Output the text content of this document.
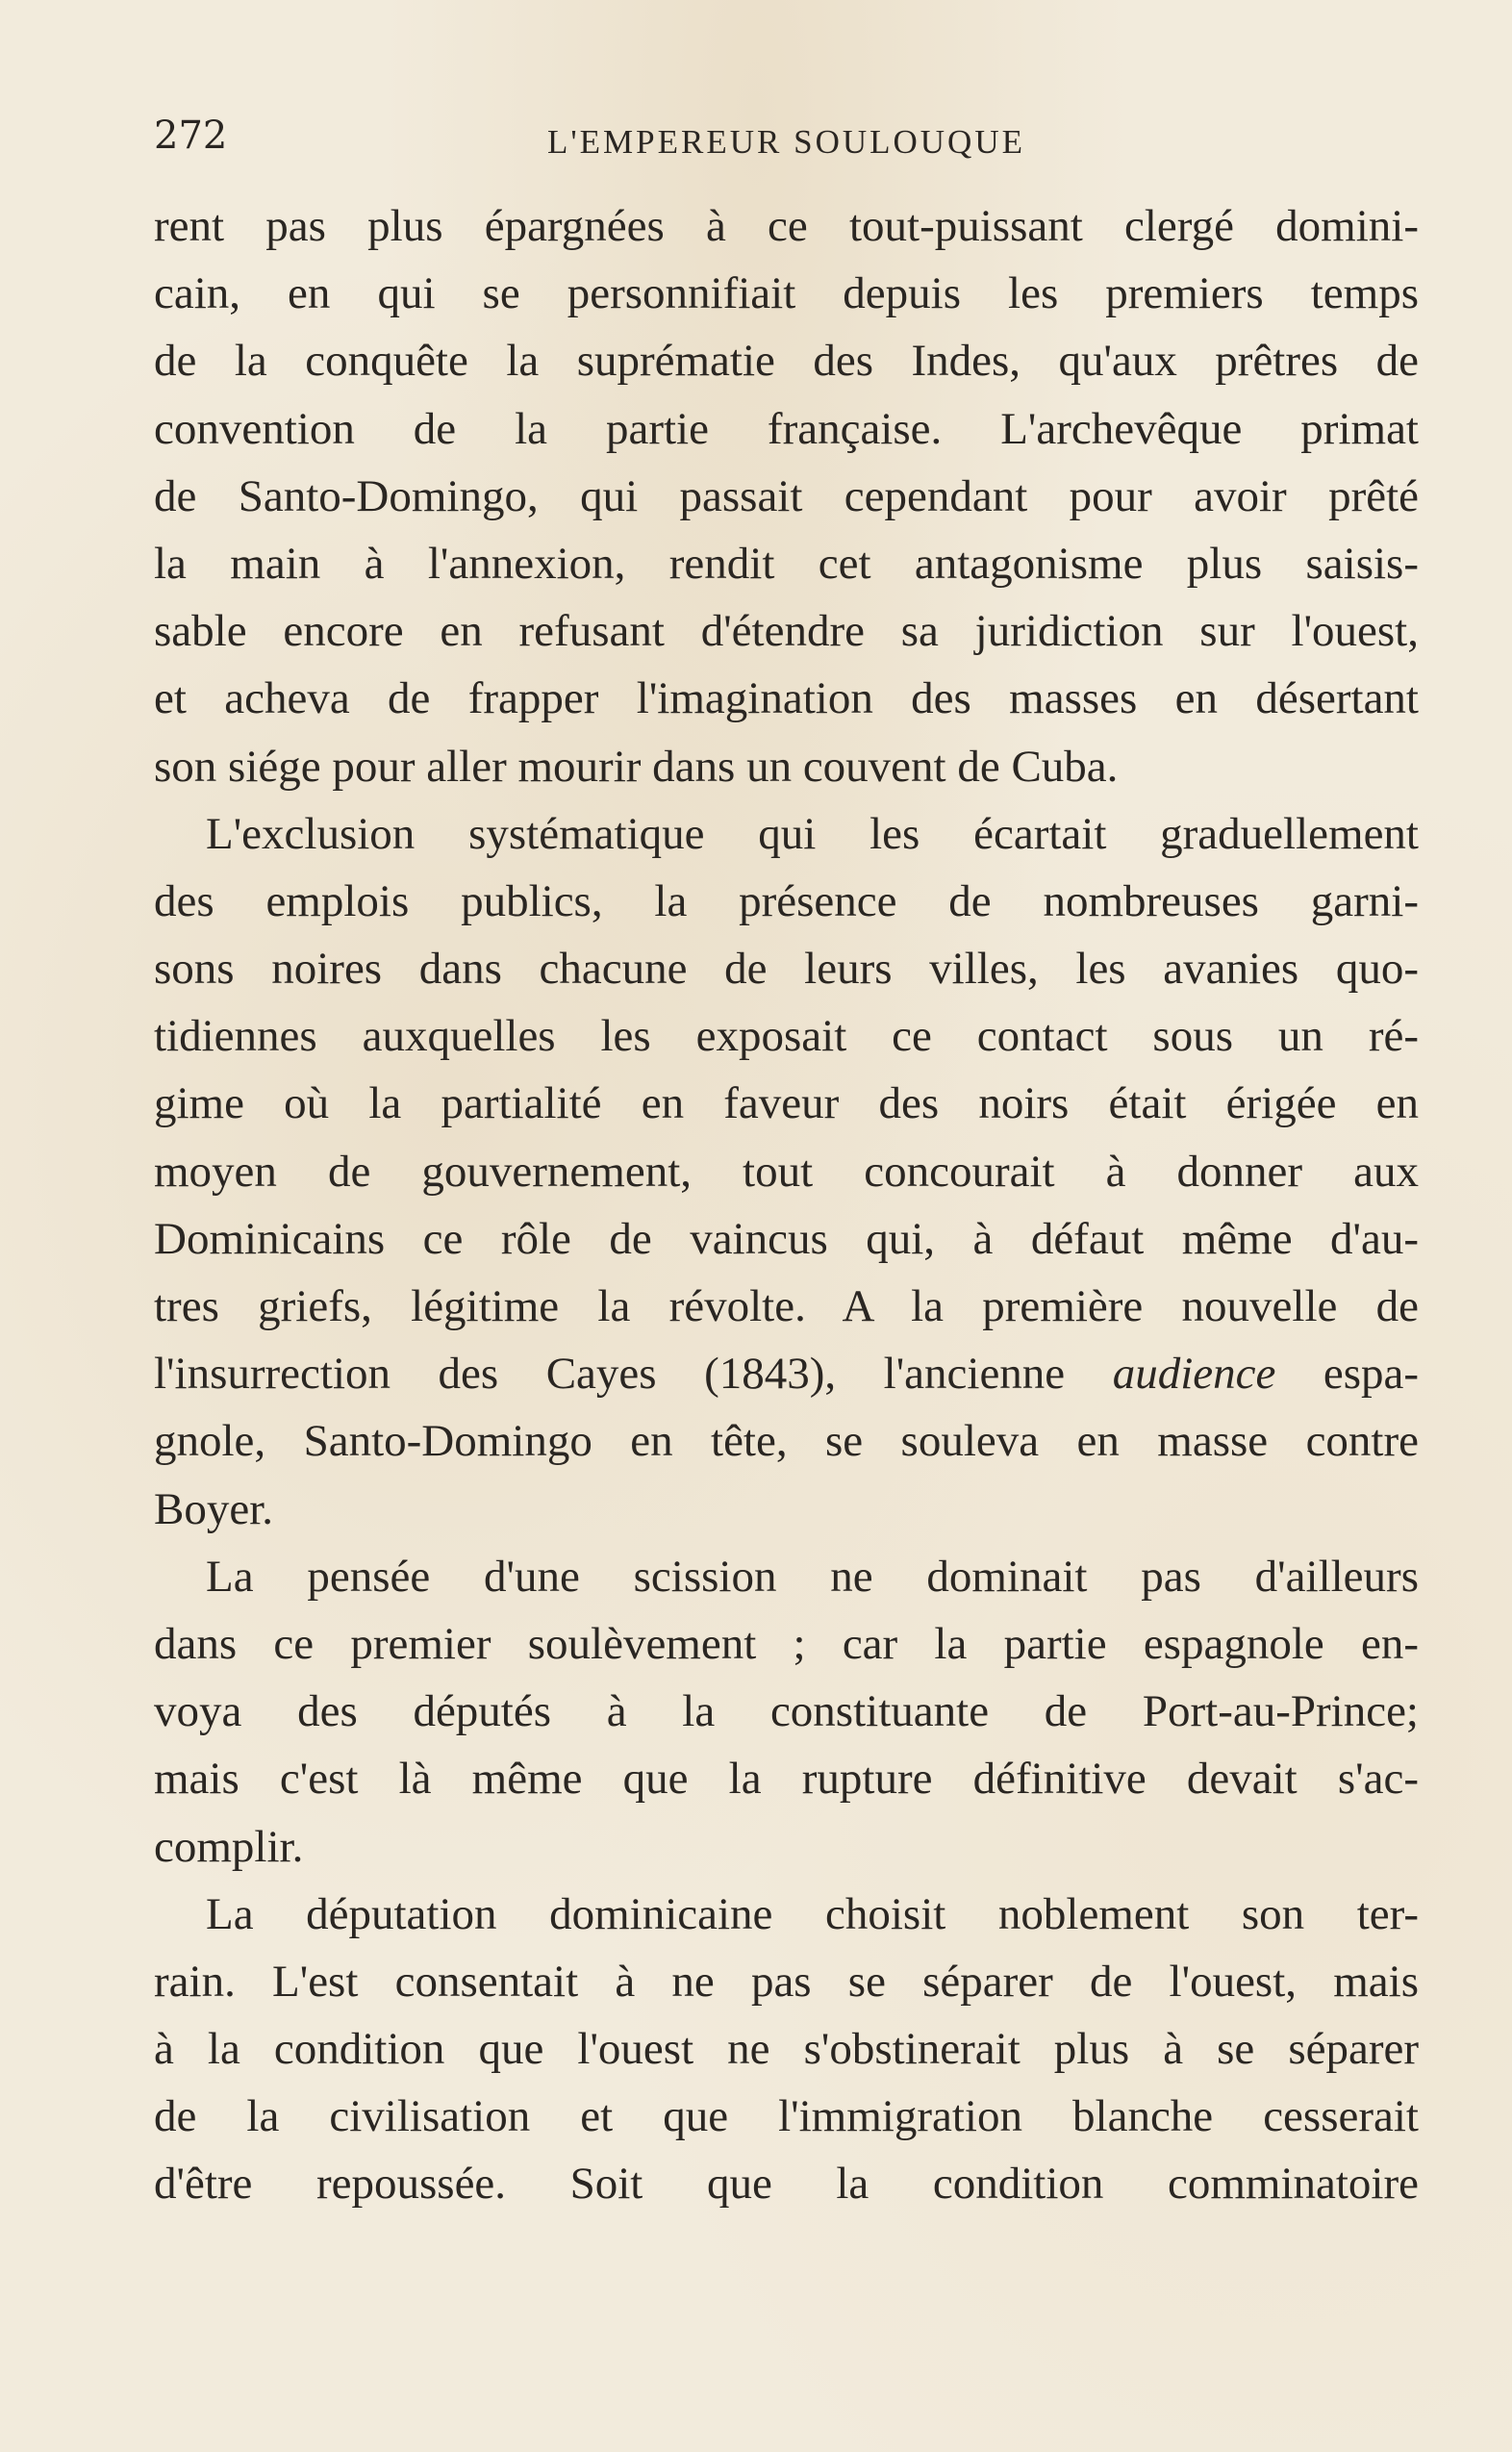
272	L'EMPEREUR SOULOUQUE
rent pas plus épargnées à ce tout-puissant clergé domini-
cain, en qui se personnifiait depuis les premiers temps
de la conquête la suprématie des Indes, qu'aux prêtres de
convention de la partie française. L'archevêque primat
de Santo-Domingo, qui passait cependant pour avoir prêté
la main à l'annexion, rendit cet antagonisme plus saisis-
sable encore en refusant d'étendre sa juridiction sur l'ouest,
et acheva de frapper l'imagination des masses en désertant
son siége pour aller mourir dans un couvent de Cuba.
L'exclusion systématique qui les écartait graduellement
des emplois publics, la présence de nombreuses garni-
sons noires dans chacune de leurs villes, les avanies quo-
tidiennes auxquelles les exposait ce contact sous un ré-
gime où la partialité en faveur des noirs était érigée en
moyen de gouvernement, tout concourait à donner aux
Dominicains ce rôle de vaincus qui, à défaut même d'au-
tres griefs, légitime la révolte. A la première nouvelle de
l'insurrection des Cayes (1843), l'ancienne audience espa-
gnole, Santo-Domingo en tête, se souleva en masse contre
Boyer.
La pensée d'une scission ne dominait pas d'ailleurs
dans ce premier soulèvement ; car la partie espagnole en-
voya des députés à la constituante de Port-au-Prince;
mais c'est là même que la rupture définitive devait s'ac-
complir.
La députation dominicaine choisit noblement son ter-
rain. L'est consentait à ne pas se séparer de l'ouest, mais
à la condition que l'ouest ne s'obstinerait plus à se séparer
de la civilisation et que l'immigration blanche cesserait
d'être repoussée. Soit que la condition comminatoire
